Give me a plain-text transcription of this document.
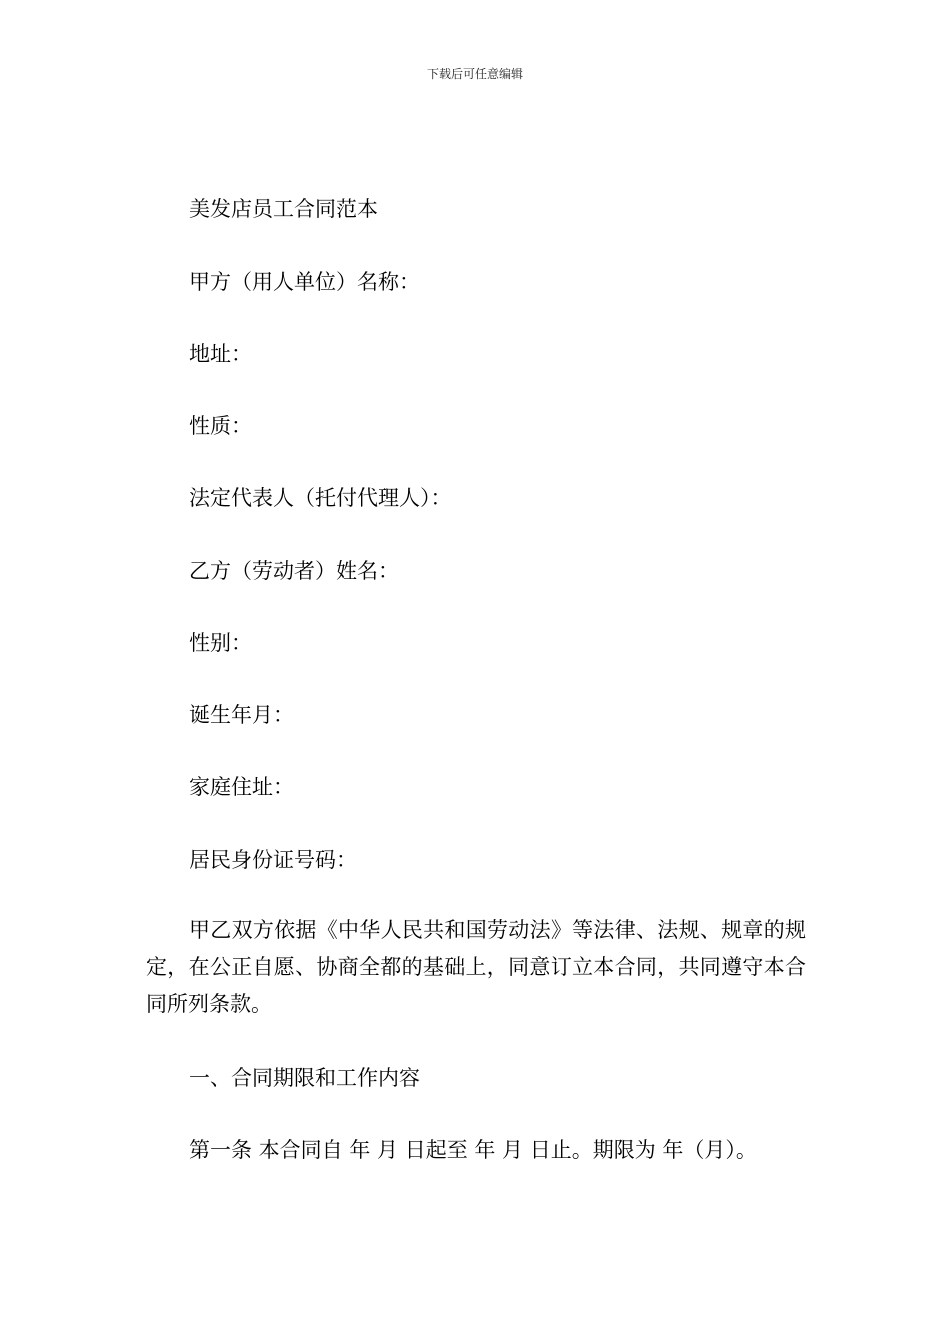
下载后可任意编辑
美发店员工合同范本
甲方（用人单位）名称：
地址：
性质：
法定代表人（托付代理人）：
乙方（劳动者）姓名：
性别：
诞生年月：
家庭住址：
居民身份证号码：
甲乙双方依据《中华人民共和国劳动法》等法律、法规、规章的规定，在公正自愿、协商全都的基础上，同意订立本合同，共同遵守本合同所列条款。
一、合同期限和工作内容
第一条 本合同自 年 月 日起至 年 月 日止。期限为 年（月）。
